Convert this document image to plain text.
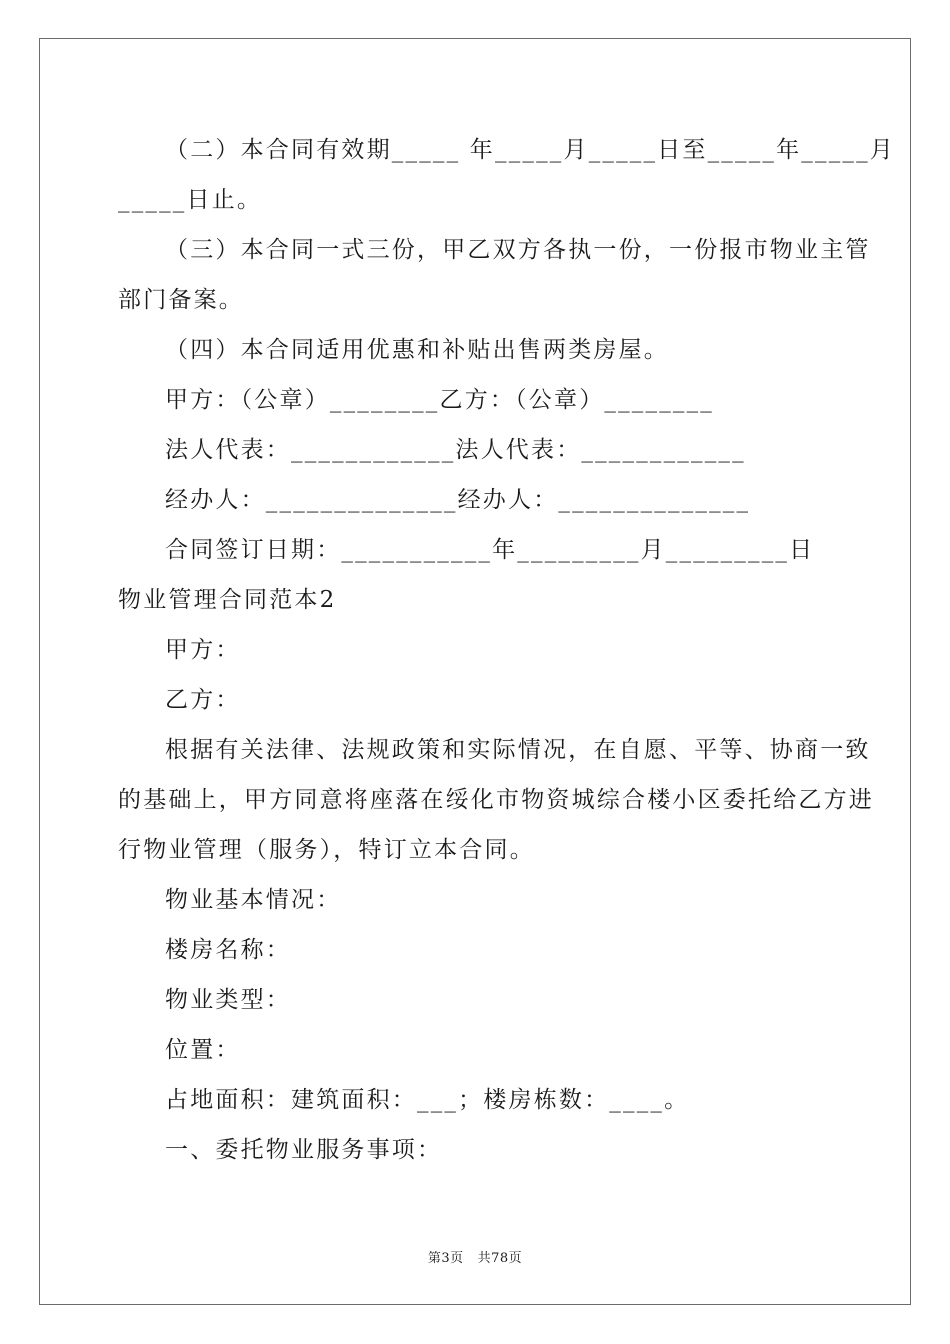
（二）本合同有效期_____ 年_____月_____日至_____年_____月
_____日止。
（三）本合同一式三份，甲乙双方各执一份，一份报市物业主管
部门备案。
（四）本合同适用优惠和补贴出售两类房屋。
甲方：（公章）________乙方：（公章）________
法人代表：____________法人代表：____________
经办人：______________经办人：______________
合同签订日期：___________年_________月_________日
物业管理合同范本2
甲方：
乙方：
根据有关法律、法规政策和实际情况，在自愿、平等、协商一致
的基础上，甲方同意将座落在绥化市物资城综合楼小区委托给乙方进
行物业管理（服务），特订立本合同。
物业基本情况：
楼房名称：
物业类型：
位置：
占地面积：建筑面积：___；楼房栋数：____。
一、委托物业服务事项：
第3页 共78页
